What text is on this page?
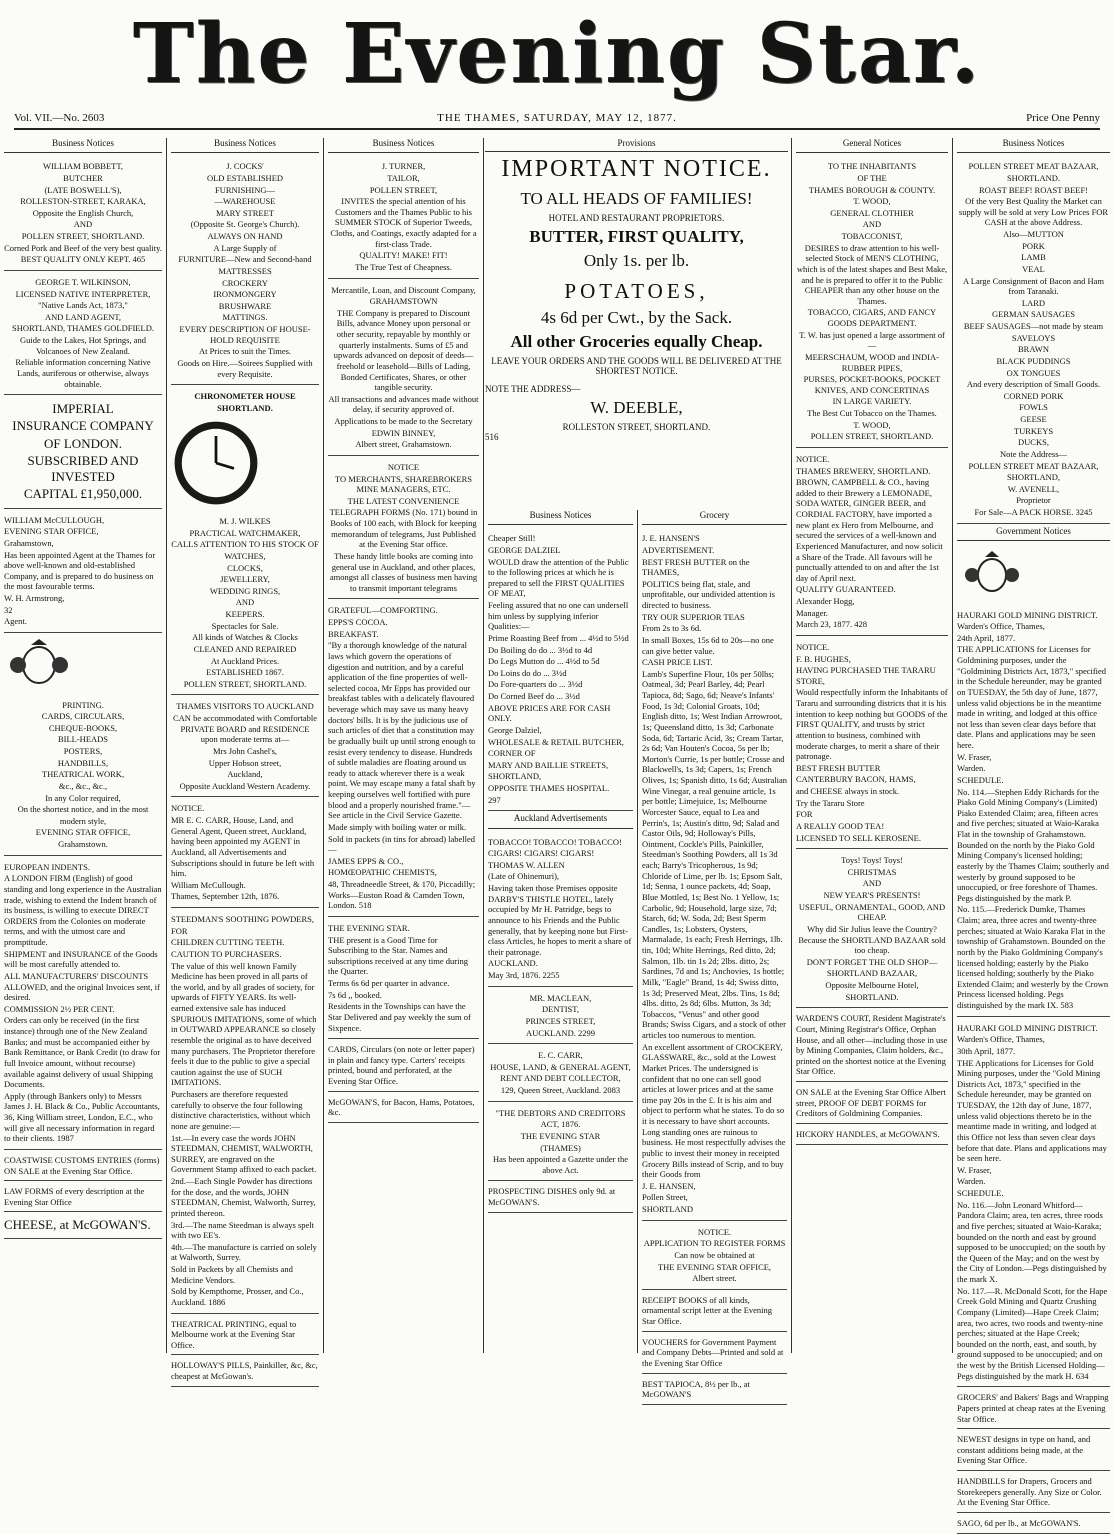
The Evening Star.
Vol. VII.—No. 2603	THE THAMES, SATURDAY, MAY 12, 1877.	Price One Penny
Business Notices

WILLIAM BOBBETT,

BUTCHER

(LATE BOSWELL'S),

ROLLESTON-STREET, KARAKA,

Opposite the English Church,

AND

POLLEN STREET, SHORTLAND.

Corned Pork and Beef of the very best quality.

BEST QUALITY ONLY KEPT. 465

GEORGE T. WILKINSON,

LICENSED NATIVE INTERPRETER,

"Native Lands Act, 1873,"

AND LAND AGENT,

SHORTLAND, THAMES GOLDFIELD.

Guide to the Lakes, Hot Springs, and Volcanoes of New Zealand.

Reliable information concerning Native Lands, auriferous or otherwise, always obtainable.

IMPERIAL

INSURANCE COMPANY

OF LONDON.

SUBSCRIBED AND INVESTED

CAPITAL £1,950,000.

WILLIAM McCULLOUGH,

EVENING STAR OFFICE,

Grahamstown,

Has been appointed Agent at the Thames for above well-known and old-established Company, and is prepared to do business on the most favourable terms.

W. H. Armstrong,

32

Agent.

PRINTING.

CARDS, CIRCULARS,

CHEQUE-BOOKS,

BILL-HEADS

POSTERS,

HANDBILLS,

THEATRICAL WORK,

&c., &c., &c.,

In any Color required,

On the shortest notice, and in the most

modern style,

EVENING STAR OFFICE,

Grahamstown.

EUROPEAN INDENTS.

A LONDON FIRM (English) of good standing and long experience in the Australian trade, wishing to extend the Indent branch of its business, is willing to execute DIRECT ORDERS from the Colonies on moderate terms, and with the utmost care and promptitude.

SHIPMENT and INSURANCE of the Goods will be most carefully attended to.

ALL MANUFACTURERS' DISCOUNTS ALLOWED, and the original Invoices sent, if desired.

COMMISSION 2½ PER CENT.

Orders can only be received (in the first instance) through one of the New Zealand Banks; and must be accompanied either by Bank Remittance, or Bank Credit (to draw for full Invoice amount, without recourse) available against delivery of usual Shipping Documents.

Apply (through Bankers only) to Messrs James J. H. Black & Co., Public Accountants, 36, King William street, London, E.C., who will give all necessary information in regard to their clients. 1987

COASTWISE CUSTOMS ENTRIES (forms) ON SALE at the Evening Star Office.
LAW FORMS of every description at the Evening Star Office
CHEESE, at McGOWAN'S.
Business Notices

J. COCKS'

OLD ESTABLISHED

FURNISHING—

—WAREHOUSE

MARY STREET

(Opposite St. George's Church).

ALWAYS ON HAND

A Large Supply of

FURNITURE—New and Second-hand

MATTRESSES

CROCKERY

IRONMONGERY

BRUSHWARE

MATTINGS.

EVERY DESCRIPTION OF HOUSE-HOLD REQUISITE

At Prices to suit the Times.

Goods on Hire.—Soirees Supplied with every Requisite.

CHRONOMETER HOUSE

SHORTLAND.

M. J. WILKES

PRACTICAL WATCHMAKER,

CALLS ATTENTION TO HIS STOCK OF

WATCHES,

CLOCKS,

JEWELLERY,

WEDDING RINGS,

AND

KEEPERS.

Spectacles for Sale.

All kinds of Watches & Clocks

CLEANED AND REPAIRED

At Auckland Prices.

ESTABLISHED 1867.

POLLEN STREET, SHORTLAND.

THAMES VISITORS TO AUCKLAND

CAN be accommodated with Comfortable PRIVATE BOARD and RESIDENCE upon moderate terms at—

Mrs John Cashel's,

Upper Hobson street,

Auckland,

Opposite Auckland Western Academy.

NOTICE.

MR E. C. CARR, House, Land, and General Agent, Queen street, Auckland, having been appointed my AGENT in Auckland, all Advertisements and Subscriptions should in future be left with him.

William McCullough.

Thames, September 12th, 1876.

STEEDMAN'S SOOTHING POWDERS,

FOR

CHILDREN CUTTING TEETH.

CAUTION TO PURCHASERS.

The value of this well known Family Medicine has been proved in all parts of the world, and by all grades of society, for upwards of FIFTY YEARS. Its well-earned extensive sale has induced SPURIOUS IMITATIONS, some of which in OUTWARD APPEARANCE so closely resemble the original as to have deceived many purchasers. The Proprietor therefore feels it due to the public to give a special caution against the use of SUCH IMITATIONS.

Purchasers are therefore requested carefully to observe the four following distinctive characteristics, without which none are genuine:—

1st.—In every case the words JOHN STEEDMAN, CHEMIST, WALWORTH, SURREY, are engraved on the Government Stamp affixed to each packet.

2nd.—Each Single Powder has directions for the dose, and the words, JOHN STEEDMAN, Chemist, Walworth, Surrey, printed thereon.

3rd.—The name Steedman is always spelt with two EE's.

4th.—The manufacture is carried on solely at Walworth, Surrey.

Sold in Packets by all Chemists and Medicine Vendors.

Sold by Kempthorne, Prosser, and Co., Auckland. 1886

THEATRICAL PRINTING, equal to Melbourne work at the Evening Star Office.
HOLLOWAY'S PILLS, Painkiller, &c, &c, cheapest at McGowan's.
Business Notices

J. TURNER,

TAILOR,

POLLEN STREET,

INVITES the special attention of his Customers and the Thames Public to his SUMMER STOCK of Superior Tweeds, Cloths, and Coatings, exactly adapted for a first-class Trade.

QUALITY! MAKE! FIT!

The True Test of Cheapness.

Mercantile, Loan, and Discount Company,

GRAHAMSTOWN

THE Company is prepared to Discount Bills, advance Money upon personal or other security, repayable by monthly or quarterly instalments. Sums of £5 and upwards advanced on deposit of deeds—freehold or leasehold—Bills of Lading, Bonded Certificates, Shares, or other tangible security.

All transactions and advances made without delay, if security approved of.

Applications to be made to the Secretary

EDWIN BINNEY,

Albert street, Grahamstown.

NOTICE

TO MERCHANTS, SHAREBROKERS MINE MANAGERS, ETC.

THE LATEST CONVENIENCE

TELEGRAPH FORMS (No. 171) bound in Books of 100 each, with Block for keeping memorandum of telegrams, Just Published at the Evening Star office.

These handy little books are coming into general use in Auckland, and other places, amongst all classes of business men having to transmit important telegrams

GRATEFUL—COMFORTING.

EPPS'S COCOA.

BREAKFAST.

"By a thorough knowledge of the natural laws which govern the operations of digestion and nutrition, and by a careful application of the fine properties of well-selected cocoa, Mr Epps has provided our breakfast tables with a delicately flavoured beverage which may save us many heavy doctors' bills. It is by the judicious use of such articles of diet that a constitution may be gradually built up until strong enough to resist every tendency to disease. Hundreds of subtle maladies are floating around us ready to attack wherever there is a weak point. We may escape many a fatal shaft by keeping ourselves well fortified with pure blood and a properly nourished frame."—See article in the Civil Service Gazette.

Made simply with boiling water or milk.

Sold in packets (in tins for abroad) labelled—

JAMES EPPS & CO.,

HOMŒOPATHIC CHEMISTS,

48, Threadneedle Street, & 170, Piccadilly; Works—Euston Road & Camden Town, London. 518

THE EVENING STAR.

THE present is a Good Time for Subscribing to the Star. Names and subscriptions received at any time during the Quarter.

Terms 6s 6d per quarter in advance.

7s 6d ,, booked.

Residents in the Townships can have the Star Delivered and pay weekly the sum of Sixpence.

CARDS, Circulars (on note or letter paper) in plain and fancy type. Carters' receipts printed, bound and perforated, at the Evening Star Office.
McGOWAN'S, for Bacon, Hams, Potatoes, &c.
Provisions
IMPORTANT NOTICE.
TO ALL HEADS OF FAMILIES!
HOTEL AND RESTAURANT PROPRIETORS.
BUTTER, FIRST QUALITY,
Only 1s. per lb.
POTATOES,
4s 6d per Cwt., by the Sack.
All other Groceries equally Cheap.
LEAVE YOUR ORDERS AND THE GOODS WILL BE DELIVERED AT THE SHORTEST NOTICE.
NOTE THE ADDRESS—
W. DEEBLE,
ROLLESTON STREET, SHORTLAND.
516
Business Notices

Cheaper Still!

GEORGE DALZIEL

WOULD draw the attention of the Public to the following prices at which he is prepared to sell the FIRST QUALITIES OF MEAT,

Feeling assured that no one can undersell him unless by supplying inferior Qualities:—

Prime Roasting Beef from ... 4½d to 5½d

Do Boiling do do ... 3½d to 4d

Do Legs Mutton do ... 4½d to 5d

Do Loins do do ... 3½d

Do Fore-quarters do ... 3½d

Do Corned Beef do ... 3½d

ABOVE PRICES ARE FOR CASH ONLY.

George Dalziel,

WHOLESALE & RETAIL BUTCHER,

CORNER OF

MARY AND BAILLIE STREETS,

SHORTLAND,

OPPOSITE THAMES HOSPITAL.

297

Auckland Advertisements

TOBACCO! TOBACCO! TOBACCO!

CIGARS! CIGARS! CIGARS!

THOMAS W. ALLEN

(Late of Ohinemuri),

Having taken those Premises opposite DARBY'S THISTLE HOTEL, lately occupied by Mr H. Patridge, begs to announce to his Friends and the Public generally, that by keeping none but First-class Articles, he hopes to merit a share of their patronage.

AUCKLAND.

May 3rd, 1876. 2255

MR. MACLEAN,

DENTIST,

PRINCES STREET,

AUCKLAND. 2299

E. C. CARR,

HOUSE, LAND, & GENERAL AGENT,

RENT AND DEBT COLLECTOR,

129, Queen Street, Auckland. 2083

"THE DEBTORS AND CREDITORS

ACT, 1876.

THE EVENING STAR

(THAMES)

Has been appointed a Gazette under the above Act.

PROSPECTING DISHES only 9d. at McGOWAN'S.
Grocery

J. E. HANSEN'S

ADVERTISEMENT.

BEST FRESH BUTTER on the THAMES,

POLITICS being flat, stale, and unprofitable, our undivided attention is directed to business.

TRY OUR SUPERIOR TEAS

From 2s to 3s 6d.

In small Boxes, 15s 6d to 20s—no one can give better value.

CASH PRICE LIST.

Lamb's Superfine Flour, 10s per 50lbs; Oatmeal, 3d; Pearl Barley, 4d; Pearl Tapioca, 8d; Sago, 6d; Neave's Infants' Food, 1s 3d; Colonial Groats, 10d; English ditto, 1s; West Indian Arrowroot, 1s; Queensland ditto, 1s 3d; Carbonate Soda, 6d; Tartaric Acid, 3s; Cream Tartar, 2s 6d; Van Houten's Cocoa, 5s per lb; Morton's Currie, 1s per bottle; Crosse and Blackwell's, 1s 3d; Capers, 1s; French Olives, 1s; Spanish ditto, 1s 6d; Australian Wine Vinegar, a real genuine article, 1s per bottle; Limejuice, 1s; Melbourne Worcester Sauce, equal to Lea and Perrin's, 1s; Austin's ditto, 9d; Salad and Castor Oils, 9d; Holloway's Pills, Ointment, Cockle's Pills, Painkiller, Steedman's Soothing Powders, all 1s 3d each; Barry's Tricopherous, 1s 9d; Chloride of Lime, per lb. 1s; Epsom Salt, 1d; Senna, 1 ounce packets, 4d; Soap, Blue Mottled, 1s; Best No. 1 Yellow, 1s; Carbolic, 9d; Household, large size, 7d; Starch, 6d; W. Soda, 2d; Best Sperm Candles, 1s; Lobsters, Oysters, Marmalade, 1s each; Fresh Herrings, 1lb. tin, 10d; White Herrings, Red ditto, 2d; Salmon, 1lb. tin 1s 2d; 2lbs. ditto, 2s; Sardines, 7d and 1s; Anchovies, 1s bottle; Milk, "Eagle" Brand, 1s 4d; Swiss ditto, 1s 3d; Preserved Meat, 2lbs. Tins, 1s 8d; 4lbs. ditto, 2s 8d; 6lbs. Mutton, 3s 3d; Tobaccos, "Venus" and other good Brands; Swiss Cigars, and a stock of other articles too numerous to mention.

An excellent assortment of CROCKERY, GLASSWARE, &c., sold at the Lowest Market Prices. The undersigned is confident that no one can sell good articles at lower prices and at the same time pay 20s in the £. It is his aim and object to perform what he states. To do so it is necessary to have short accounts. Long standing ones are ruinous to business. He most respectfully advises the public to invest their money in receipted Grocery Bills instead of Scrip, and to buy their Goods from

J. E. HANSEN,

Pollen Street,

SHORTLAND

NOTICE.

APPLICATION TO REGISTER FORMS

Can now be obtained at

THE EVENING STAR OFFICE,

Albert street.

RECEIPT BOOKS of all kinds, ornamental script letter at the Evening Star Office.
VOUCHERS for Government Payment and Company Debts—Printed and sold at the Evening Star Office
BEST TAPIOCA, 8½ per lb., at McGOWAN'S
General Notices

TO THE INHABITANTS

OF THE

THAMES BOROUGH & COUNTY.

T. WOOD,

GENERAL CLOTHIER

AND

TOBACCONIST,

DESIRES to draw attention to his well-selected Stock of MEN'S CLOTHING, which is of the latest shapes and Best Make, and he is prepared to offer it to the Public CHEAPER than any other house on the Thames.

TOBACCO, CIGARS, AND FANCY GOODS DEPARTMENT.

T. W. has just opened a large assortment of—

MEERSCHAUM, WOOD and INDIA-RUBBER PIPES,

PURSES, POCKET-BOOKS, POCKET KNIVES, AND CONCERTINAS

IN LARGE VARIETY.

The Best Cut Tobacco on the Thames.

T. WOOD,

POLLEN STREET, SHORTLAND.

NOTICE.

THAMES BREWERY, SHORTLAND.

BROWN, CAMPBELL & CO., having added to their Brewery a LEMONADE, SODA WATER, GINGER BEER, and CORDIAL FACTORY, have imported a new plant ex Hero from Melbourne, and secured the services of a well-known and Experienced Manufacturer, and now solicit a Share of the Trade. All favours will be punctually attended to on and after the 1st day of April next.

QUALITY GUARANTEED.

Alexander Hogg,

Manager.

March 23, 1877. 428

NOTICE.

F. B. HUGHES,

HAVING PURCHASED THE TARARU STORE,

Would respectfully inform the Inhabitants of Tararu and surrounding districts that it is his intention to keep nothing but GOODS of the FIRST QUALITY, and trusts by strict attention to business, combined with moderate charges, to merit a share of their patronage.

BEST FRESH BUTTER

CANTERBURY BACON, HAMS,

and CHEESE always in stock.

Try the Tararu Store

FOR

A REALLY GOOD TEA!

LICENSED TO SELL KEROSENE.

Toys! Toys! Toys!

CHRISTMAS

AND

NEW YEAR'S PRESENTS!

USEFUL, ORNAMENTAL, GOOD, AND CHEAP.

Why did Sir Julius leave the Country? Because the SHORTLAND BAZAAR sold too cheap.

DON'T FORGET THE OLD SHOP—

SHORTLAND BAZAAR,

Opposite Melbourne Hotel,

SHORTLAND.

WARDEN'S COURT, Resident Magistrate's Court, Mining Registrar's Office, Orphan House, and all other—including those in use by Mining Companies, Claim holders, &c., printed on the shortest notice at the Evening Star Office.
ON SALE at the Evening Star Office Albert street, PROOF OF DEBT FORMS for Creditors of Goldmining Companies.
HICKORY HANDLES, at McGOWAN'S.
Business Notices

POLLEN STREET MEAT BAZAAR,

SHORTLAND.

ROAST BEEF! ROAST BEEF!

Of the very Best Quality the Market can supply will be sold at very Low Prices FOR CASH at the above Address.

Also—MUTTON

PORK

LAMB

VEAL

A Large Consignment of Bacon and Ham from Taranaki.

LARD

GERMAN SAUSAGES

BEEF SAUSAGES—not made by steam

SAVELOYS

BRAWN

BLACK PUDDINGS

OX TONGUES

And every description of Small Goods.

CORNED PORK

FOWLS

GEESE

TURKEYS

DUCKS,

Note the Address—

POLLEN STREET MEAT BAZAAR,

SHORTLAND,

W. AVENELL,

Proprietor

For Sale—A PACK HORSE. 3245

Government Notices

HAURAKI GOLD MINING DISTRICT.

Warden's Office, Thames,

24th April, 1877.

THE APPLICATIONS for Licenses for Goldmining purposes, under the "Goldmining Districts Act, 1873," specified in the Schedule hereunder, may be granted on TUESDAY, the 5th day of June, 1877, unless valid objections be in the meantime made in writing, and lodged at this office not less than seven clear days before that date. Plans and applications may be seen here.

W. Fraser,

Warden.

SCHEDULE.

No. 114.—Stephen Eddy Richards for the Piako Gold Mining Company's (Limited) Piako Extended Claim; area, fifteen acres and five perches; situated at Waio-Karaka Flat in the township of Grahamstown. Bounded on the north by the Piako Gold Mining Company's licensed holding; easterly by the Thames Claim; southerly and westerly by ground supposed to be unoccupied, or free foreshore of Thames. Pegs distinguished by the mark P.

No. 115.—Frederick Dumke, Thames Claim; area, three acres and twenty-three perches; situated at Waio Karaka Flat in the township of Grahamstown. Bounded on the north by the Piako Goldmining Company's licensed holding; easterly by the Piako licensed holding; southerly by the Piako Extended Claim; and westerly by the Crown Princess licensed holding. Pegs distinguished by the mark IX. 583

HAURAKI GOLD MINING DISTRICT.

Warden's Office, Thames,

30th April, 1877.

THE Applications for Licenses for Gold Mining purposes, under the "Gold Mining Districts Act, 1873," specified in the Schedule hereunder, may be granted on TUESDAY, the 12th day of June, 1877, unless valid objections thereto be in the meantime made in writing, and lodged at this Office not less than seven clear days before that date. Plans and applications may be seen here.

W. Fraser,

Warden.

SCHEDULE.

No. 116.—John Leonard Whitford—Pandora Claim; area, ten acres, three roods and five perches; situated at Waio-Karaka; bounded on the north and east by ground supposed to be unoccupied; on the south by the Queen of the May; and on the west by the City of London.—Pegs distinguished by the mark X.

No. 117.—R. McDonald Scott, for the Hape Creek Gold Mining and Quartz Crushing Company (Limited)—Hape Creek Claim; area, two acres, two roods and twenty-nine perches; situated at the Hape Creek; bounded on the north, east, and south, by ground supposed to be unoccupied; and on the west by the British Licensed Holding—Pegs distinguished by the mark H. 634

GROCERS' and Bakers' Bags and Wrapping Papers printed at cheap rates at the Evening Star Office.
NEWEST designs in type on hand, and constant additions being made, at the Evening Star Office.
HANDBILLS for Drapers, Grocers and Storekeepers generally. Any Size or Color. At the Evening Star Office.
SAGO, 6d per lb., at McGOWAN'S.
